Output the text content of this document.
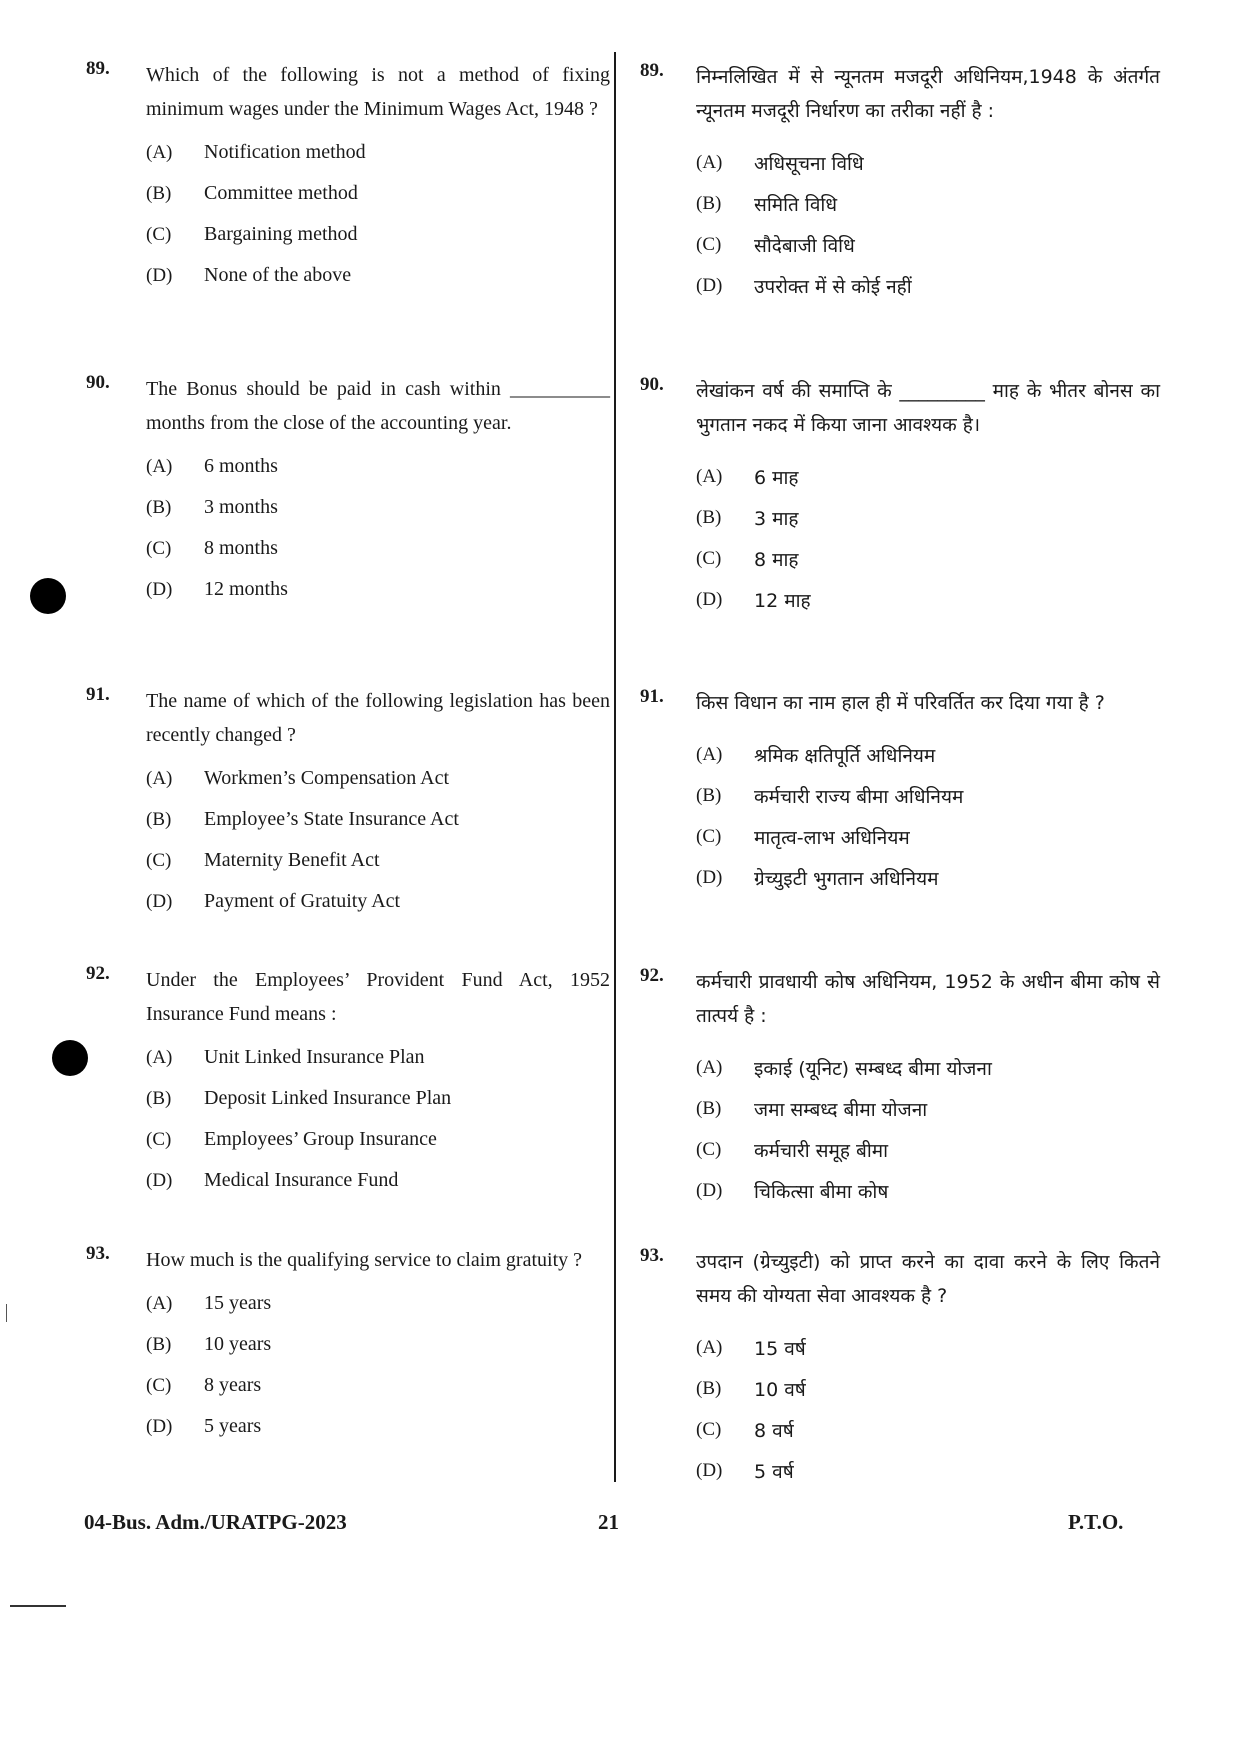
89. Which of the following is not a method of fixing minimum wages under the Minimum Wages Act, 1948 ?
(A)	Notification method
(B)	Committee method
(C)	Bargaining method
(D)	None of the above
90. The Bonus should be paid in cash within __________ months from the close of the accounting year.
(A)	6 months
(B)	3 months
(C)	8 months
(D)	12 months
91. The name of which of the following legislation has been recently changed ?
(A)	Workmen’s Compensation Act
(B)	Employee’s State Insurance Act
(C)	Maternity Benefit Act
(D)	Payment of Gratuity Act
92. Under the Employees’ Provident Fund Act, 1952 Insurance Fund means :
(A)	Unit Linked Insurance Plan
(B)	Deposit Linked Insurance Plan
(C)	Employees’ Group Insurance
(D)	Medical Insurance Fund
93. How much is the qualifying service to claim gratuity ?
(A)	15 years
(B)	10 years
(C)	8 years
(D)	5 years
89. निम्नलिखित में से न्यूनतम मजदूरी अधिनियम,1948 के अंतर्गत न्यूनतम मजदूरी निर्धारण का तरीका नहीं है :
(A)	अधिसूचना विधि
(B)	समिति विधि
(C)	सौदेबाजी विधि
(D)	उपरोक्त में से कोई नहीं
90. लेखांकन वर्ष की समाप्ति के _________ माह के भीतर बोनस का भुगतान नकद में किया जाना आवश्यक है।
(A)	6 माह
(B)	3 माह
(C)	8 माह
(D)	12 माह
91. किस विधान का नाम हाल ही में परिवर्तित कर दिया गया है ?
(A)	श्रमिक क्षतिपूर्ति अधिनियम
(B)	कर्मचारी राज्य बीमा अधिनियम
(C)	मातृत्व-लाभ अधिनियम
(D)	ग्रेच्युइटी भुगतान अधिनियम
92. कर्मचारी प्रावधायी कोष अधिनियम, 1952 के अधीन बीमा कोष से तात्पर्य है :
(A)	इकाई (यूनिट) सम्बध्द बीमा योजना
(B)	जमा सम्बध्द बीमा योजना
(C)	कर्मचारी समूह बीमा
(D)	चिकित्सा बीमा कोष
93. उपदान (ग्रेच्युइटी) को प्राप्त करने का दावा करने के लिए कितने समय की योग्यता सेवा आवश्यक है ?
(A)	15 वर्ष
(B)	10 वर्ष
(C)	8 वर्ष
(D)	5 वर्ष
04-Bus. Adm./URATPG-2023	21	P.T.O.
